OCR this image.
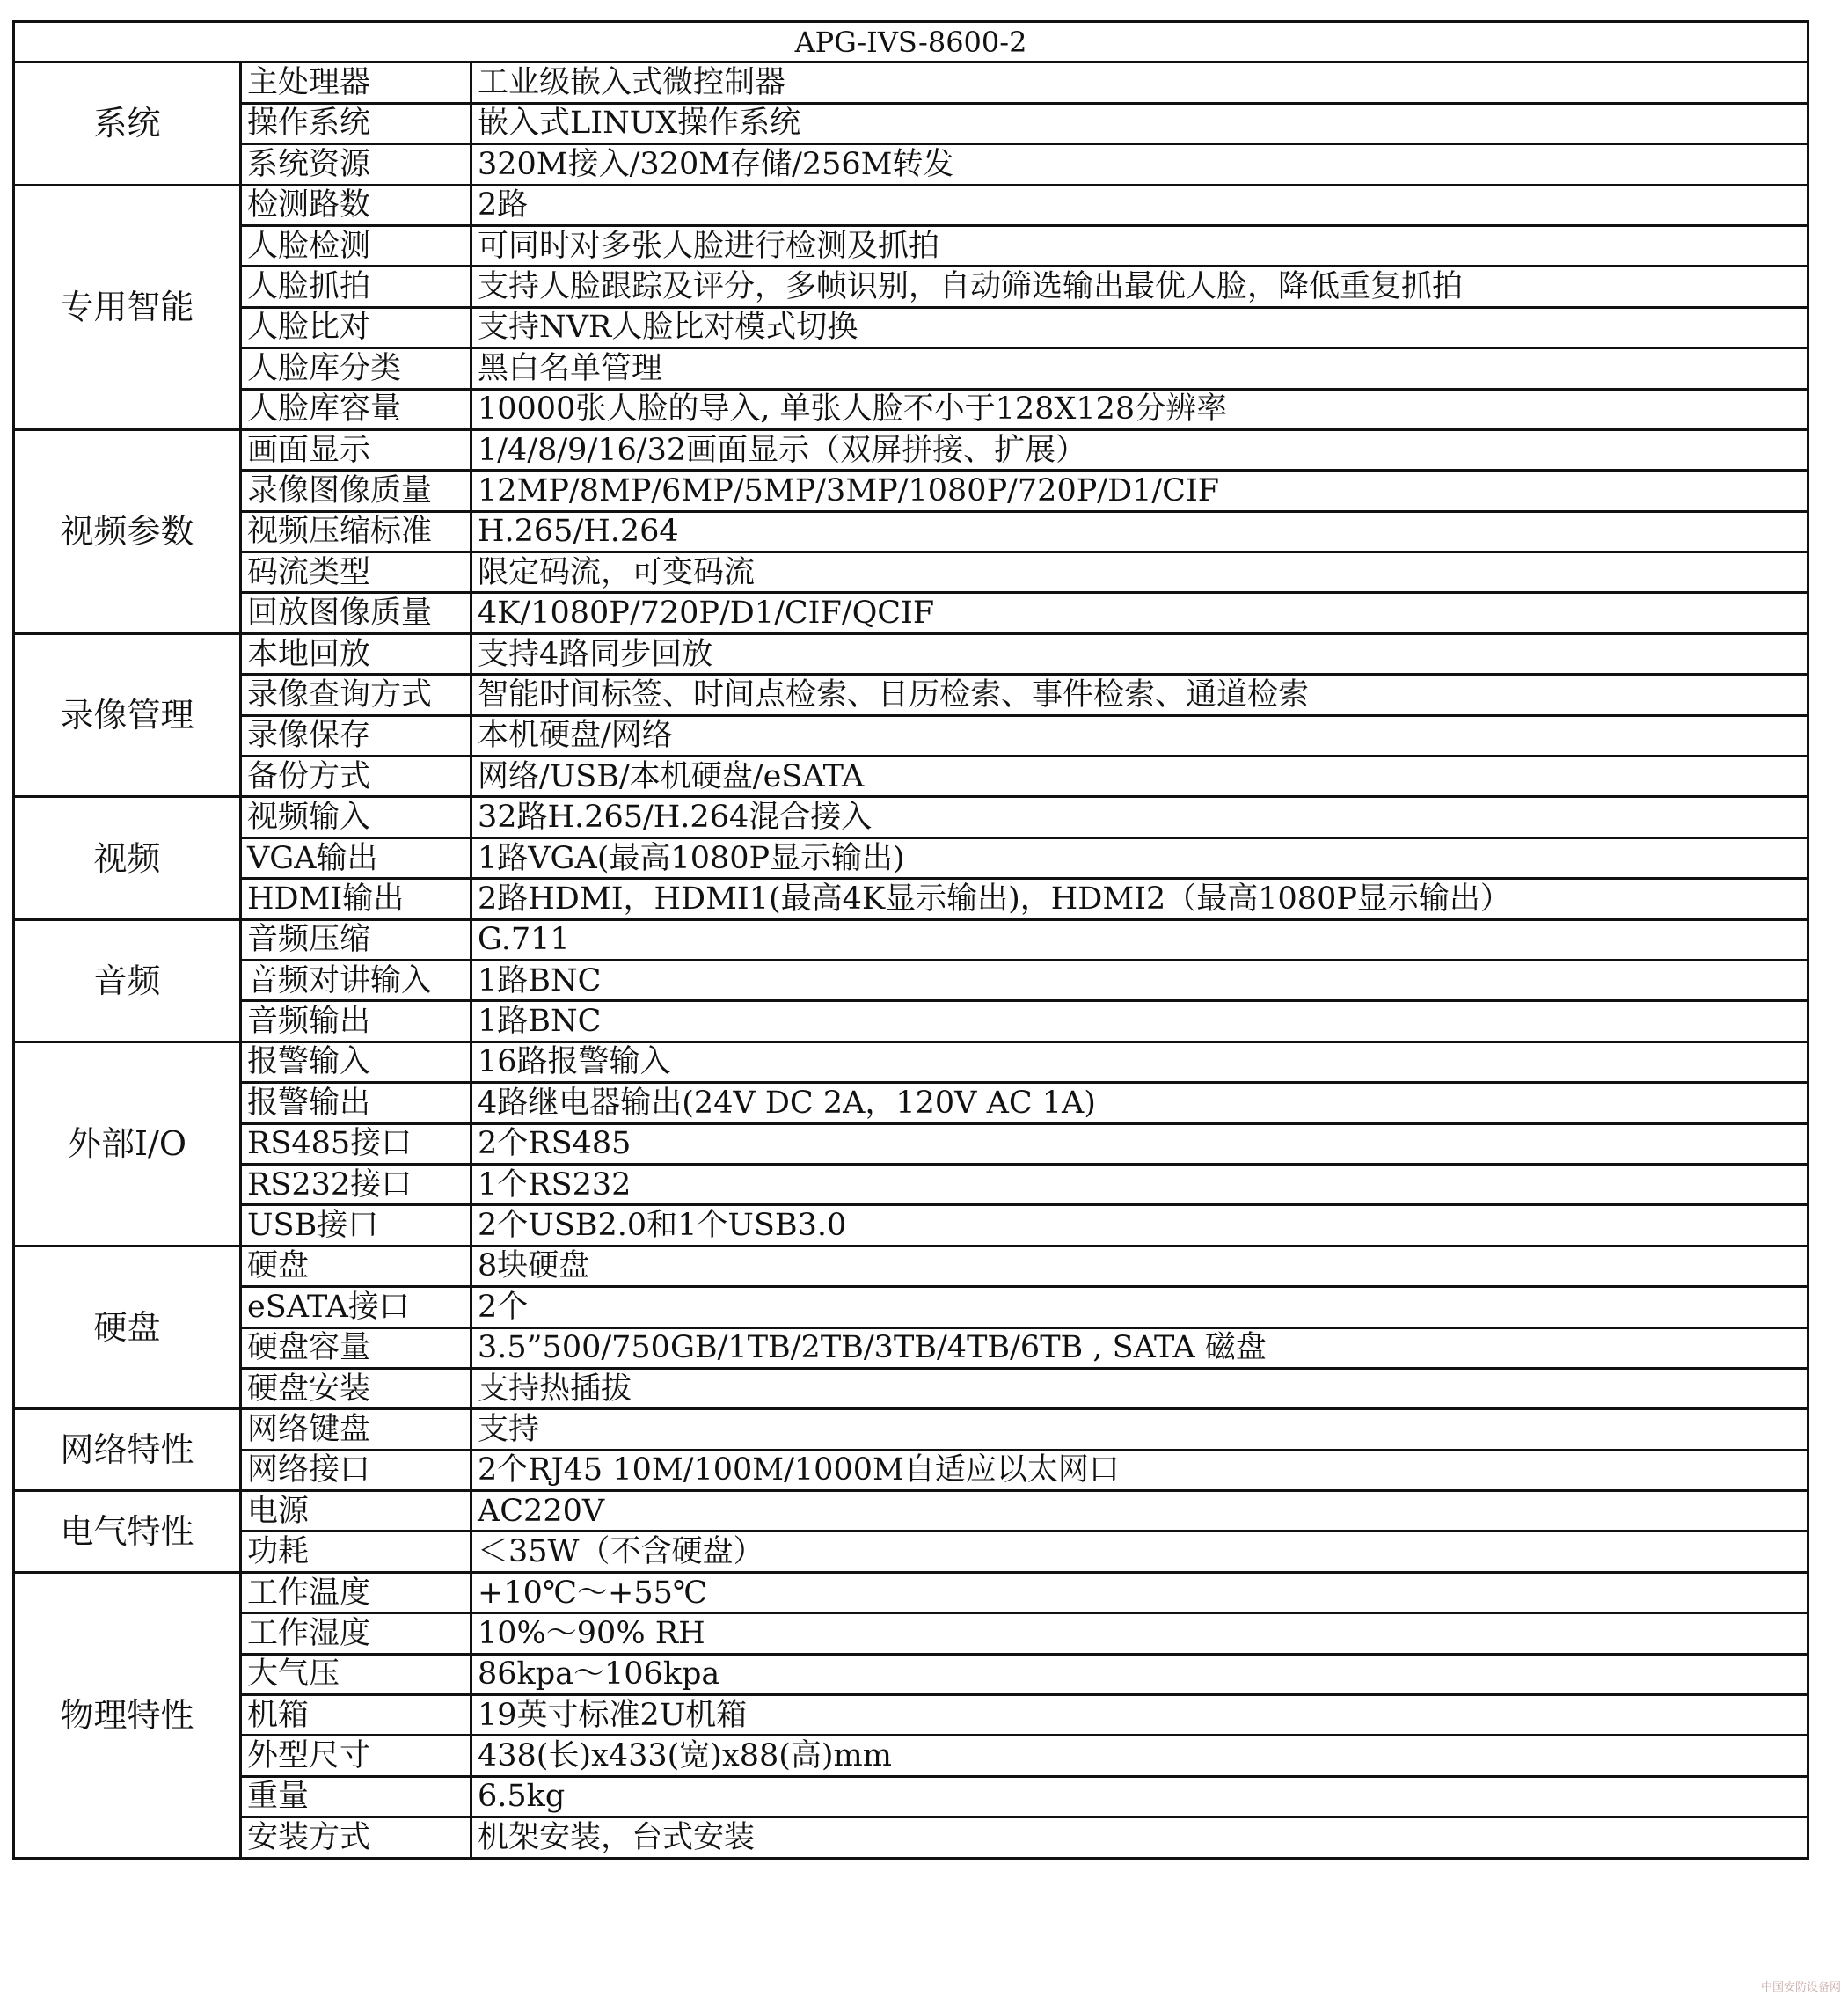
APG-IVS-8600-2		
系统	主处理器	工业级嵌入式微控制器
	操作系统	嵌入式LINUX操作系统
	系统资源	320M接入/320M存储/256M转发
专用智能	检测路数	2路
	人脸检测	可同时对多张人脸进行检测及抓拍
	人脸抓拍	支持人脸跟踪及评分，多帧识别，自动筛选输出最优人脸，降低重复抓拍
	人脸比对	支持NVR人脸比对模式切换
	人脸库分类	黑白名单管理
	人脸库容量	10000张人脸的导入, 单张人脸不小于128X128分辨率
视频参数	画面显示	1/4/8/9/16/32画面显示（双屏拼接、扩展）
	录像图像质量	12MP/8MP/6MP/5MP/3MP/1080P/720P/D1/CIF
	视频压缩标准	H.265/H.264
	码流类型	限定码流，可变码流
	回放图像质量	4K/1080P/720P/D1/CIF/QCIF
录像管理	本地回放	支持4路同步回放
	录像查询方式	智能时间标签、时间点检索、日历检索、事件检索、通道检索
	录像保存	本机硬盘/网络
	备份方式	网络/USB/本机硬盘/eSATA
视频	视频输入	32路H.265/H.264混合接入
	VGA输出	1路VGA(最高1080P显示输出)
	HDMI输出	2路HDMI，HDMI1(最高4K显示输出)，HDMI2（最高1080P显示输出）
音频	音频压缩	G.711
	音频对讲输入	1路BNC
	音频输出	1路BNC
外部I/O	报警输入	16路报警输入
	报警输出	4路继电器输出(24V DC 2A，120V AC 1A)
	RS485接口	2个RS485
	RS232接口	1个RS232
	USB接口	2个USB2.0和1个USB3.0
硬盘	硬盘	8块硬盘
	eSATA接口	2个
	硬盘容量	3.5”500/750GB/1TB/2TB/3TB/4TB/6TB , SATA 磁盘
	硬盘安装	支持热插拔
网络特性	网络键盘	支持
	网络接口	2个RJ45 10M/100M/1000M自适应以太网口
电气特性	电源	AC220V
	功耗	＜35W（不含硬盘）
物理特性	工作温度	+10℃～+55℃
	工作湿度	10%～90% RH
	大气压	86kpa～106kpa
	机箱	19英寸标准2U机箱
	外型尺寸	438(长)x433(宽)x88(高)mm
	重量	6.5kg
	安装方式	机架安装，台式安装
中国安防设备网
